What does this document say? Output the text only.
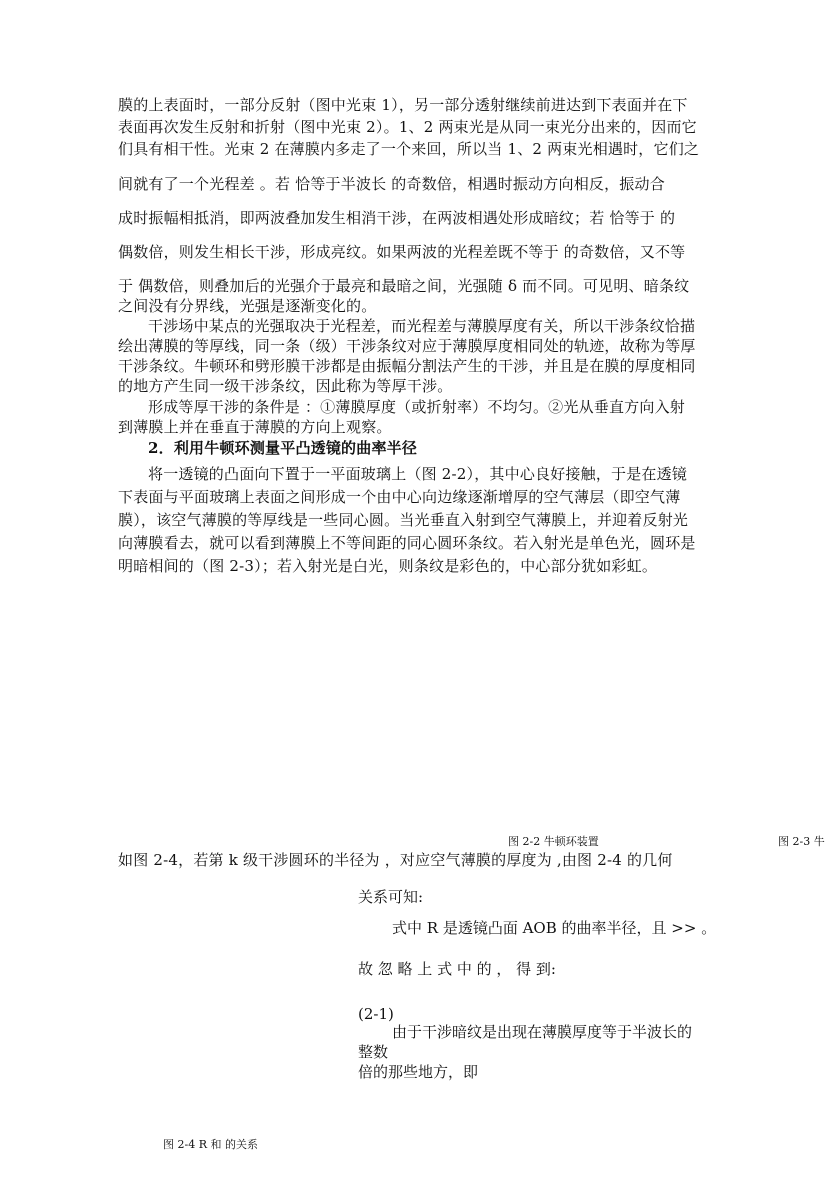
膜的上表面时，一部分反射（图中光束 1），另一部分透射继续前进达到下表面并在下
表面再次发生反射和折射（图中光束 2）。1、2 两束光是从同一束光分出来的，因而它
们具有相干性。光束 2 在薄膜内多走了一个来回，所以当 1、2 两束光相遇时，它们之
间就有了一个光程差 。若 恰等于半波长 的奇数倍，相遇时振动方向相反，振动合
成时振幅相抵消，即两波叠加发生相消干涉，在两波相遇处形成暗纹；若 恰等于 的
偶数倍，则发生相长干涉，形成亮纹。如果两波的光程差既不等于 的奇数倍，又不等
于 偶数倍，则叠加后的光强介于最亮和最暗之间，光强随 δ 而不同。可见明、暗条纹
之间没有分界线，光强是逐渐变化的。
干涉场中某点的光强取决于光程差，而光程差与薄膜厚度有关，所以干涉条纹恰描
绘出薄膜的等厚线，同一条（级）干涉条纹对应于薄膜厚度相同处的轨迹，故称为等厚
干涉条纹。牛顿环和劈形膜干涉都是由振幅分割法产生的干涉，并且是在膜的厚度相同
的地方产生同一级干涉条纹，因此称为等厚干涉。
形成等厚干涉的条件是 ：①薄膜厚度（或折射率）不均匀。②光从垂直方向入射
到薄膜上并在垂直于薄膜的方向上观察。
2．利用牛顿环测量平凸透镜的曲率半径
将一透镜的凸面向下置于一平面玻璃上（图 2-2），其中心良好接触，于是在透镜
下表面与平面玻璃上表面之间形成一个由中心向边缘逐渐增厚的空气薄层（即空气薄
膜），该空气薄膜的等厚线是一些同心圆。当光垂直入射到空气薄膜上，并迎着反射光
向薄膜看去，就可以看到薄膜上不等间距的同心圆环条纹。若入射光是单色光，圆环是
明暗相间的（图 2-3）；若入射光是白光，则条纹是彩色的，中心部分犹如彩虹。
图 2-2 牛顿环装置	图 2-3 牛
如图 2-4，若第 k 级干涉圆环的半径为 ，对应空气薄膜的厚度为 ,由图 2-4 的几何
关系可知:
式中 R 是透镜凸面 AOB 的曲率半径，且 >> 。
故 忽 略 上 式 中 的 ， 得 到:
(2-1)
由于干涉暗纹是出现在薄膜厚度等于半波长的
整数
倍的那些地方，即
图 2-4 R 和 的关系
